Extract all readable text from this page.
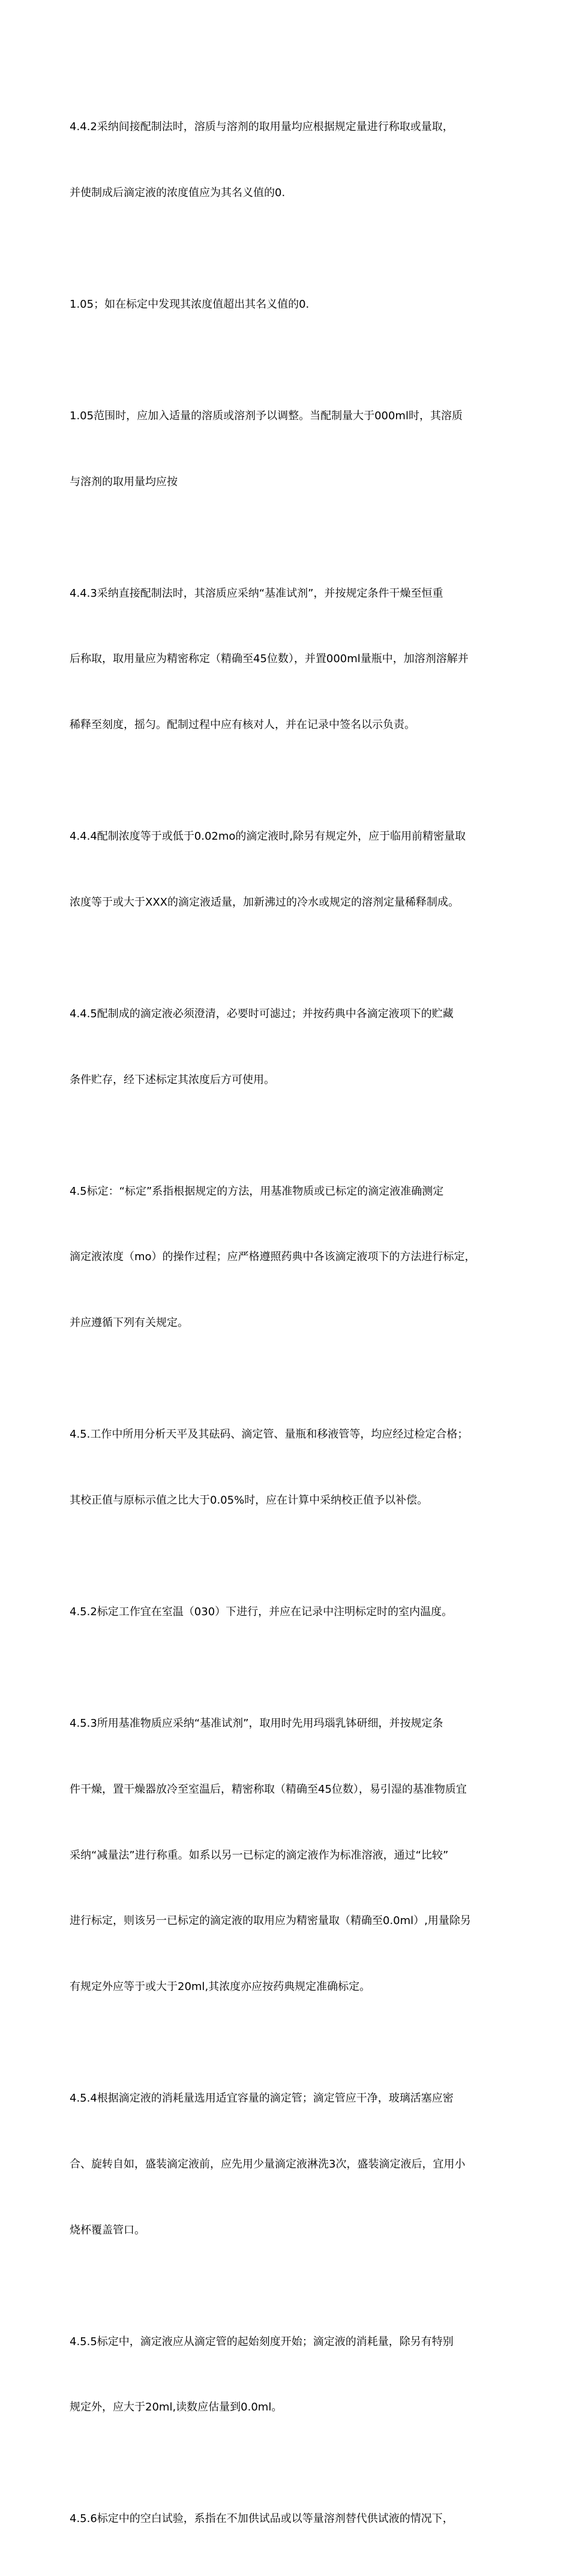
4.4.2采纳间接配制法时，溶质与溶剂的取用量均应根据规定量进行称取或量取，

并使制成后滴定液的浓度值应为其名义值的0.

1.05；如在标定中发现其浓度值超出其名义值的0.

1.05范围时，应加入适量的溶质或溶剂予以调整。当配制量大于000ml时，其溶质

与溶剂的取用量均应按

4.4.3采纳直接配制法时，其溶质应采纳“基准试剂”，并按规定条件干燥至恒重

后称取，取用量应为精密称定（精确至45位数），并置000ml量瓶中，加溶剂溶解并

稀释至刻度，摇匀。配制过程中应有核对人，并在记录中签名以示负责。

4.4.4配制浓度等于或低于0.02mo的滴定液时,除另有规定外，应于临用前精密量取

浓度等于或大于XXX的滴定液适量，加新沸过的冷水或规定的溶剂定量稀释制成。

4.4.5配制成的滴定液必须澄清，必要时可滤过；并按药典中各滴定液项下的贮藏

条件贮存，经下述标定其浓度后方可使用。

4.5标定：“标定”系指根据规定的方法，用基准物质或已标定的滴定液准确测定

滴定液浓度（mo）的操作过程；应严格遵照药典中各该滴定液项下的方法进行标定，

并应遵循下列有关规定。

4.5.工作中所用分析天平及其砝码、滴定管、量瓶和移液管等，均应经过检定合格；

其校正值与原标示值之比大于0.05%时，应在计算中采纳校正值予以补偿。

4.5.2标定工作宜在室温（030）下进行，并应在记录中注明标定时的室内温度。

4.5.3所用基准物质应采纳“基准试剂”，取用时先用玛瑙乳钵研细，并按规定条

件干燥，置干燥器放冷至室温后，精密称取（精确至45位数），易引湿的基准物质宜

采纳“减量法”进行称重。如系以另一已标定的滴定液作为标准溶液，通过“比较”

进行标定，则该另一已标定的滴定液的取用应为精密量取（精确至0.0ml）,用量除另

有规定外应等于或大于20ml,其浓度亦应按药典规定准确标定。

4.5.4根据滴定液的消耗量选用适宜容量的滴定管；滴定管应干净，玻璃活塞应密

合、旋转自如，盛装滴定液前，应先用少量滴定液淋洗3次，盛装滴定液后，宜用小

烧杯覆盖管口。

4.5.5标定中，滴定液应从滴定管的起始刻度开始；滴定液的消耗量，除另有特别

规定外，应大于20ml,读数应估量到0.0ml。

4.5.6标定中的空白试验，系指在不加供试品或以等量溶剂替代供试液的情况下，
